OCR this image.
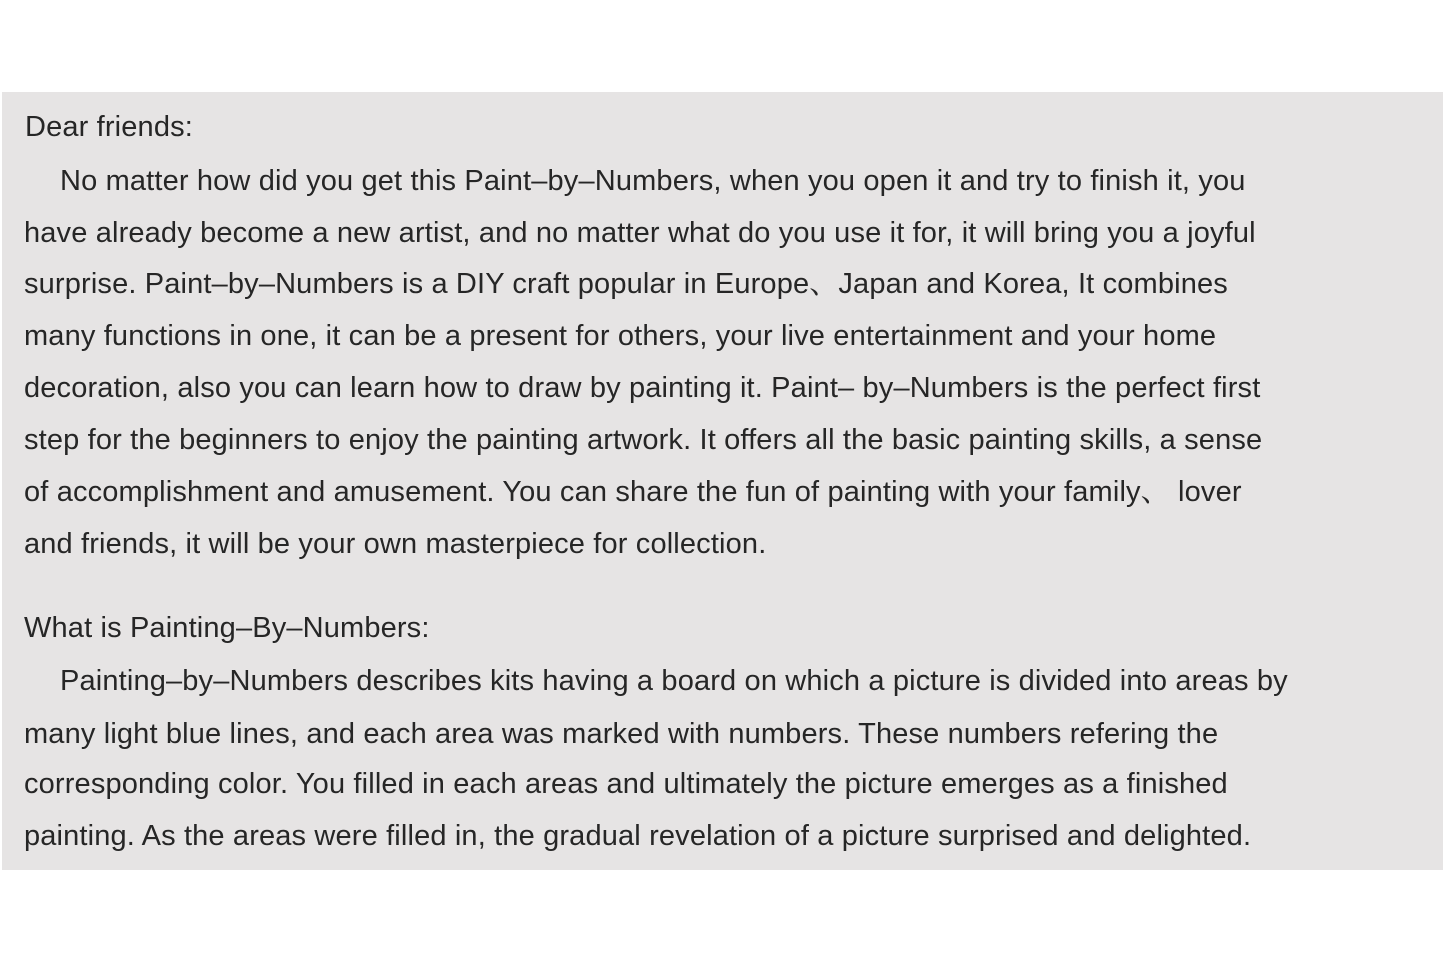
Dear friends:
No matter how did you get this Paint–by–Numbers, when you open it and try to finish it, you
have already become a new artist, and no matter what do you use it for, it will bring you a joyful
surprise. Paint–by–Numbers is a DIY craft popular in Europe、Japan and Korea, It combines
many functions in one, it can be a present for others, your live entertainment and your home
decoration, also you can learn how to draw by painting it. Paint– by–Numbers is the perfect first
step for the beginners to enjoy the painting artwork. It offers all the basic painting skills, a sense
of accomplishment and amusement. You can share the fun of painting with your family、 lover
and friends, it will be your own masterpiece for collection.
What is Painting–By–Numbers:
Painting–by–Numbers describes kits having a board on which a picture is divided into areas by
many light blue lines, and each area was marked with numbers. These numbers refering the
corresponding color. You filled in each areas and ultimately the picture emerges as a finished
painting. As the areas were filled in, the gradual revelation of a picture surprised and delighted.
